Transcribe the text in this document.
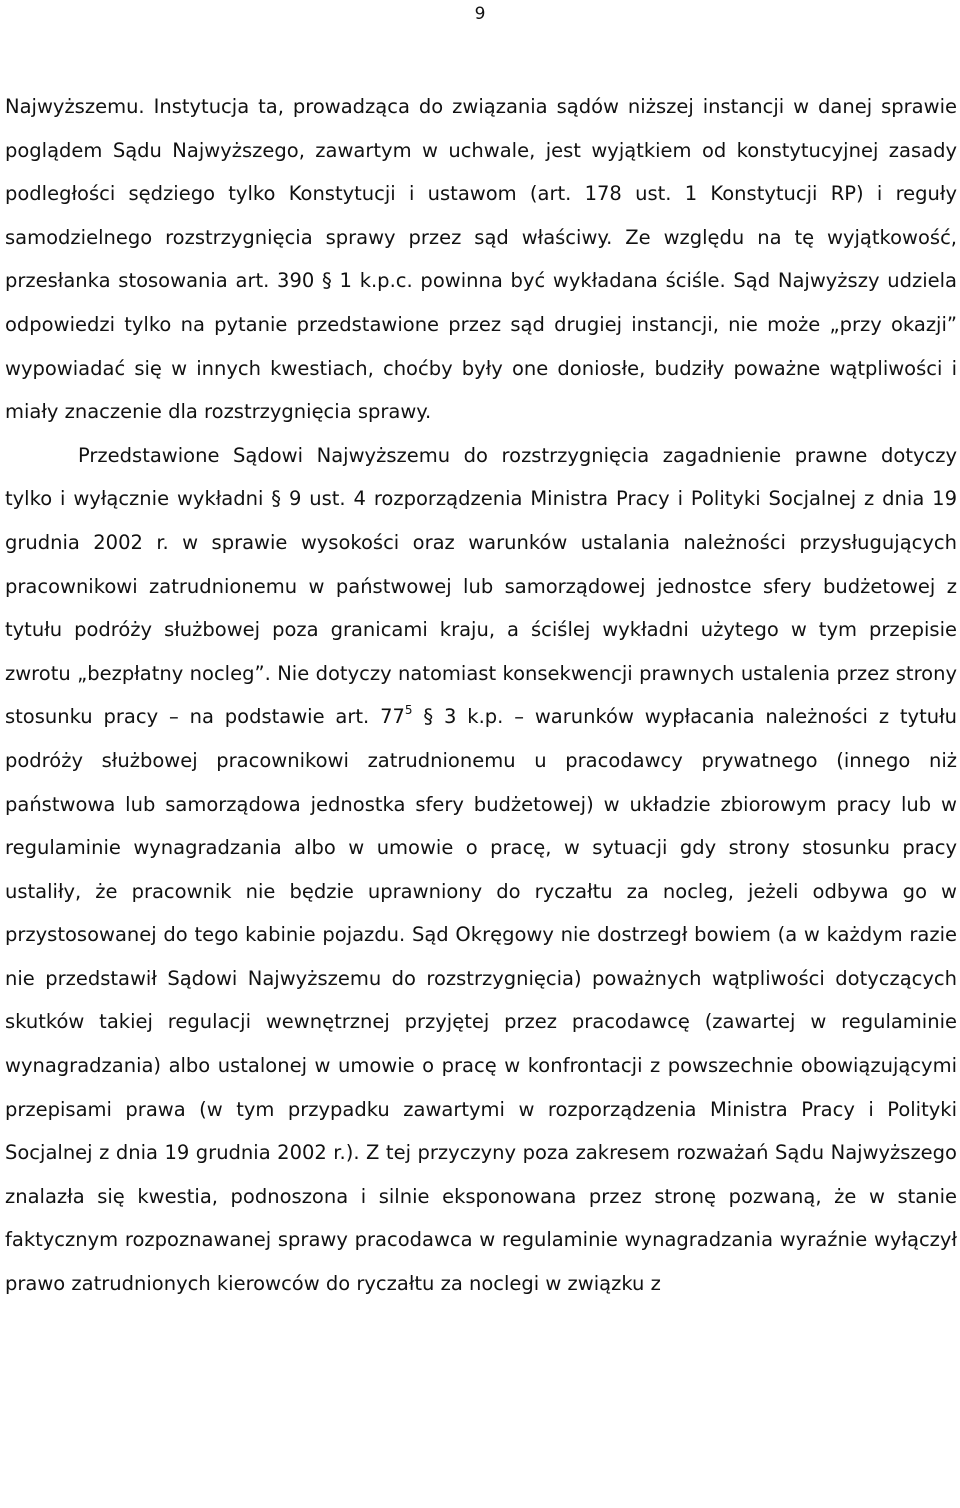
9

Najwyższemu. Instytucja ta, prowadząca do związania sądów niższej instancji w danej sprawie poglądem Sądu Najwyższego, zawartym w uchwale, jest wyjątkiem od konstytucyjnej zasady podległości sędziego tylko Konstytucji i ustawom (art. 178 ust. 1 Konstytucji RP) i reguły samodzielnego rozstrzygnięcia sprawy przez sąd właściwy. Ze względu na tę wyjątkowość, przesłanka stosowania art. 390 § 1 k.p.c. powinna być wykładana ściśle. Sąd Najwyższy udziela odpowiedzi tylko na pytanie przedstawione przez sąd drugiej instancji, nie może „przy okazji” wypowiadać się w innych kwestiach, choćby były one doniosłe, budziły poważne wątpliwości i miały znaczenie dla rozstrzygnięcia sprawy.

Przedstawione Sądowi Najwyższemu do rozstrzygnięcia zagadnienie prawne dotyczy tylko i wyłącznie wykładni § 9 ust. 4 rozporządzenia Ministra Pracy i Polityki Socjalnej z dnia 19 grudnia 2002 r. w sprawie wysokości oraz warunków ustalania należności przysługujących pracownikowi zatrudnionemu w państwowej lub samorządowej jednostce sfery budżetowej z tytułu podróży służbowej poza granicami kraju, a ściślej wykładni użytego w tym przepisie zwrotu „bezpłatny nocleg”. Nie dotyczy natomiast konsekwencji prawnych ustalenia przez strony stosunku pracy – na podstawie art. $77^5$ § 3 k.p. – warunków wypłacania należności z tytułu podróży służbowej pracownikowi zatrudnionemu u pracodawcy prywatnego (innego niż państwowa lub samorządowa jednostka sfery budżetowej) w układzie zbiorowym pracy lub w regulaminie wynagradzania albo w umowie o pracę, w sytuacji gdy strony stosunku pracy ustaliły, że pracownik nie będzie uprawniony do ryczałtu za nocleg, jeżeli odbywa go w przystosowanej do tego kabinie pojazdu. Sąd Okręgowy nie dostrzegł bowiem (a w każdym razie nie przedstawił Sądowi Najwyższemu do rozstrzygnięcia) poważnych wątpliwości dotyczących skutków takiej regulacji wewnętrznej przyjętej przez pracodawcę (zawartej w regulaminie wynagradzania) albo ustalonej w umowie o pracę w konfrontacji z powszechnie obowiązującymi przepisami prawa (w tym przypadku zawartymi w rozporządzenia Ministra Pracy i Polityki Socjalnej z dnia 19 grudnia 2002 r.). Z tej przyczyny poza zakresem rozważań Sądu Najwyższego znalazła się kwestia, podnoszona i silnie eksponowana przez stronę pozwaną, że w stanie faktycznym rozpoznawanej sprawy pracodawca w regulaminie wynagradzania wyraźnie wyłączył prawo zatrudnionych kierowców do ryczałtu za noclegi w związku z
